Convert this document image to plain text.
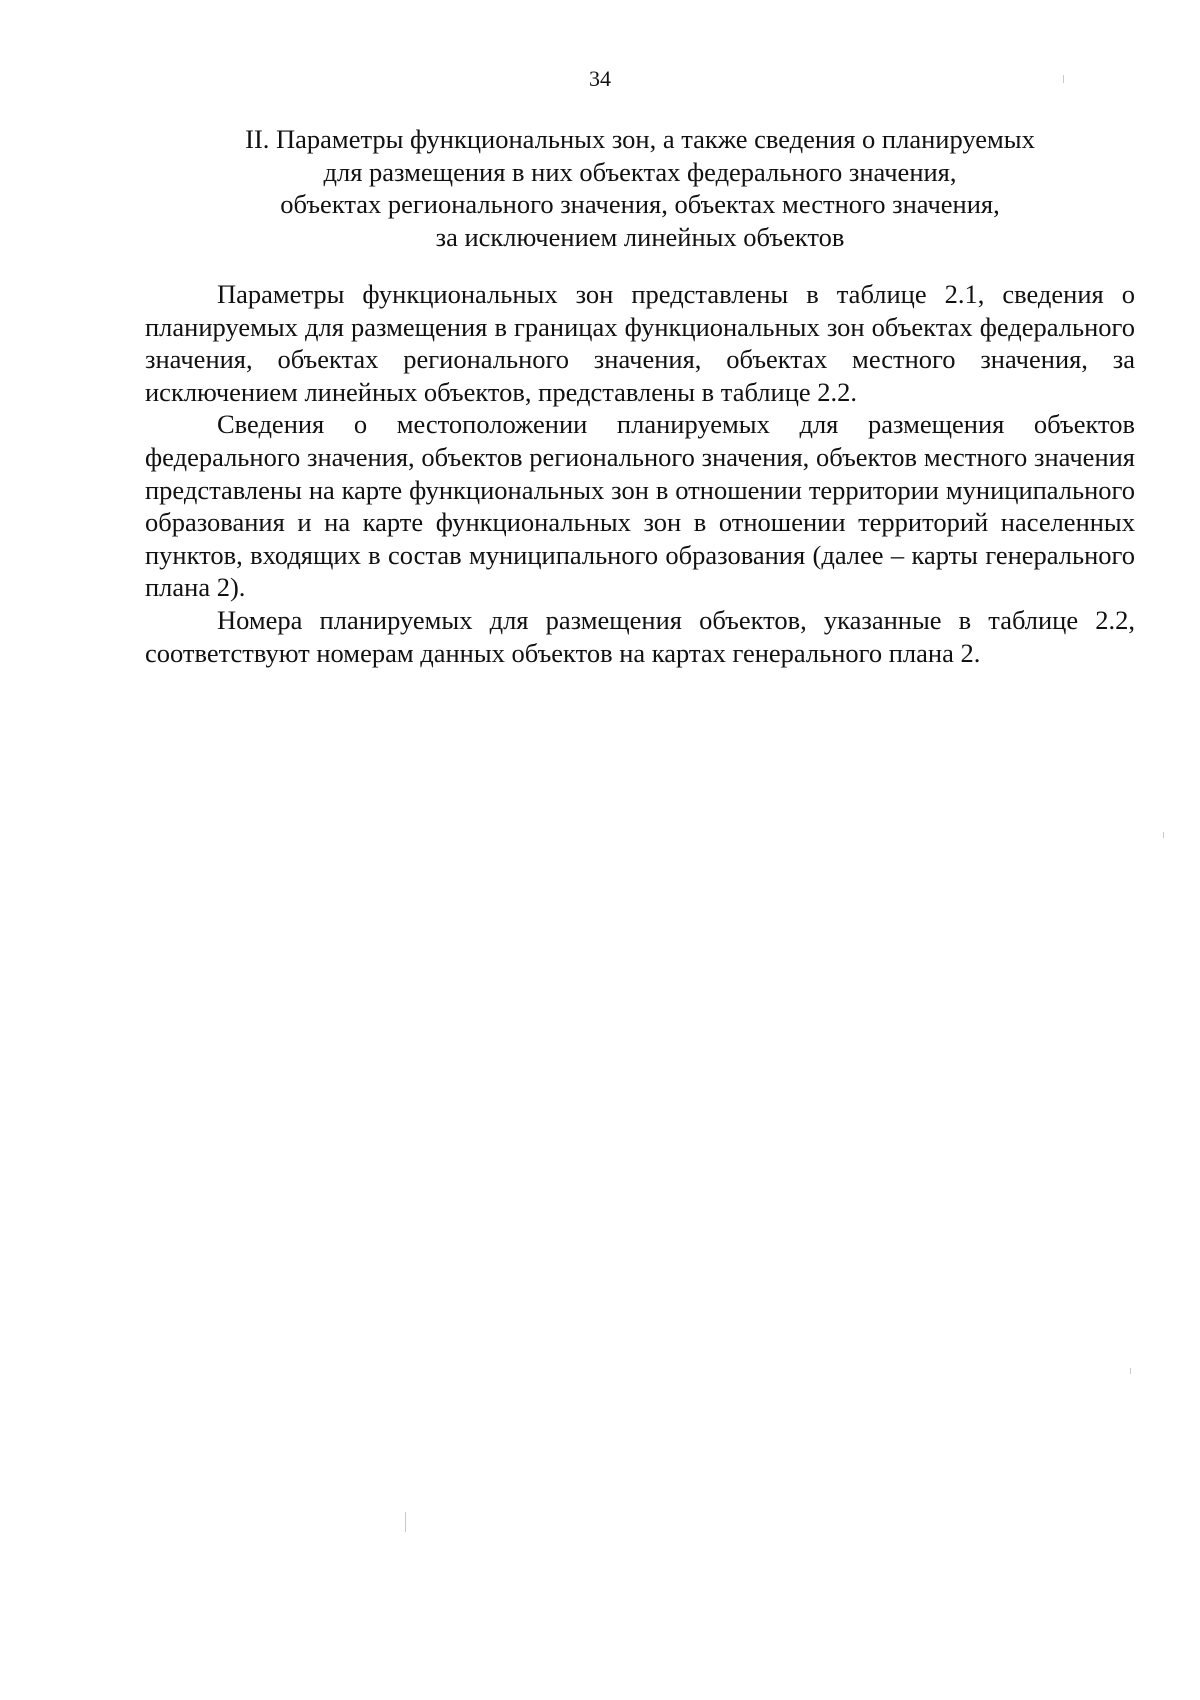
34
II. Параметры функциональных зон, а также сведения о планируемых
для размещения в них объектах федерального значения,
объектах регионального значения, объектах местного значения,
за исключением линейных объектов

Параметры функциональных зон представлены в таблице 2.1, сведения о планируемых для размещения в границах функциональных зон объектах федерального значения, объектах регионального значения, объектах местного значения, за исключением линейных объектов, представлены в таблице 2.2.

Сведения о местоположении планируемых для размещения объектов федерального значения, объектов регионального значения, объектов местного значения представлены на карте функциональных зон в отношении территории муниципального образования и на карте функциональных зон в отношении территорий населенных пунктов, входящих в состав муниципального образования (далее – карты генерального плана 2).

Номера планируемых для размещения объектов, указанные в таблице 2.2, соответствуют номерам данных объектов на картах генерального плана 2.
